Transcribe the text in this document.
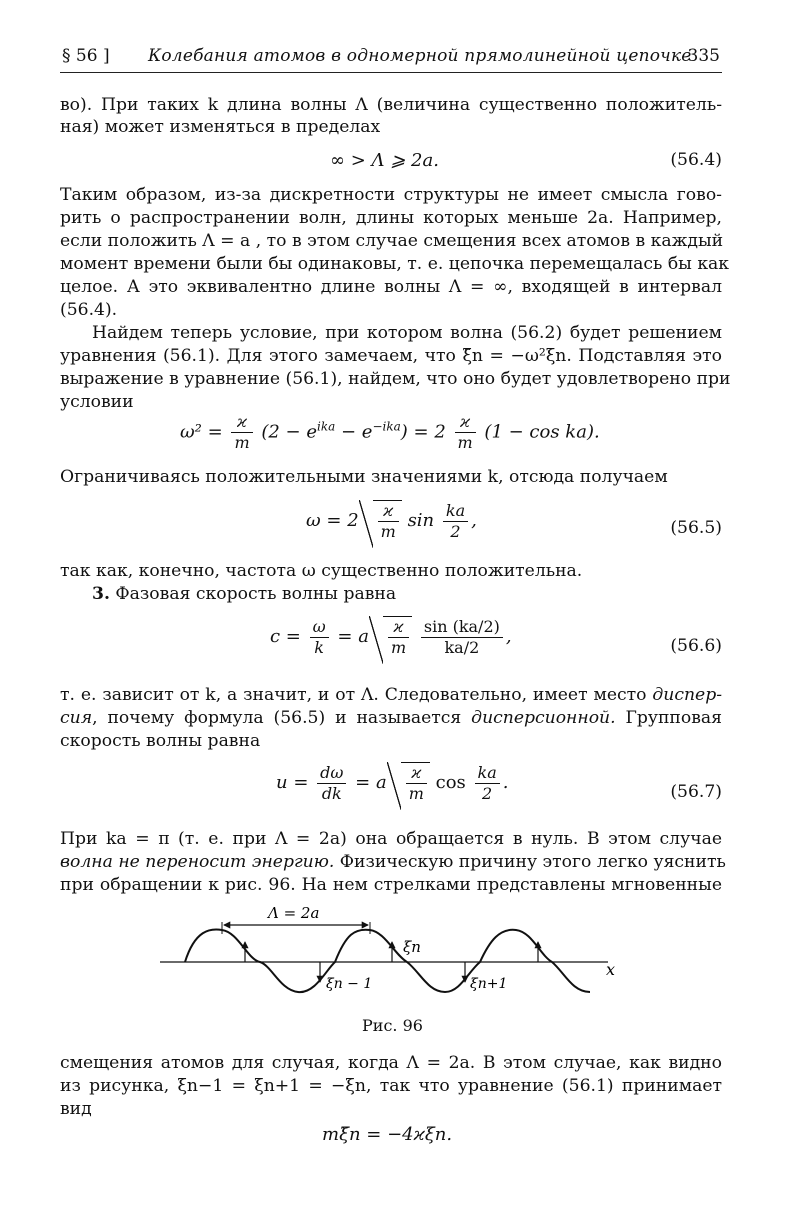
§ 56 ] Колебания атомов в одномерной прямолинейной цепочке
335
во). При таких k длина волны Λ (величина существенно положитель-
ная) может изменяться в пределах
∞ > Λ ⩾ 2a.	(56.4)
Таким образом, из-за дискретности структуры не имеет смысла гово-
рить о распространении волн, длины которых меньше 2a. Например,
если положить Λ = a , то в этом случае смещения всех атомов в каждый
момент времени были бы одинаковы, т. е. цепочка перемещалась бы как
целое. А это эквивалентно длине волны Λ = ∞, входящей в интервал
(56.4).
Найдем теперь условие, при котором волна (56.2) будет решением
уравнения (56.1). Для этого замечаем, что ξ̈n = −ω²ξn. Подставляя это
выражение в уравнение (56.1), найдем, что оно будет удовлетворено при
условии
$\omega^2 = \frac{ϰ}{m} (2 - e^{ika} - e^{-ika}) = 2 \frac{ϰ}{m} (1 - \cos ka)$.
Ограничиваясь положительными значениями k, отсюда получаем
$\omega = 2 \frac{ϰ}{m}$ $\sin \frac{ka}{2}$ ,	(56.5)
так как, конечно, частота ω существенно положительна.
3. Фазовая скорость волны равна
$c = \frac{\omega}{k} = a \frac{ϰ}{m}$
$\frac{\sin (ka/2)}{ka/2}$ ,	(56.6)
т. е. зависит от k, а значит, и от Λ. Следовательно, имеет место диспер-
сия, почему формула (56.5) и называется дисперсионной. Групповая
скорость волны равна
$u = \frac{d\omega}{dk} = a \frac{ϰ}{m}$ $\cos \frac{ka}{2}$ .	(56.7)
При ka = π (т. е. при Λ = 2a) она обращается в нуль. В этом случае
волна не переносит энергию. Физическую причину этого легко уяснить
при обращении к рис. 96. На нем стрелками представлены мгновенные
x
Λ = 2a
ξn
ξn − 1	ξn+1
Рис. 96
смещения атомов для случая, когда Λ = 2a. В этом случае, как видно
из рисунка, ξn−1 = ξn+1 = −ξn, так что уравнение (56.1) принимает
вид
mξ̈n = −4ϰξn.
